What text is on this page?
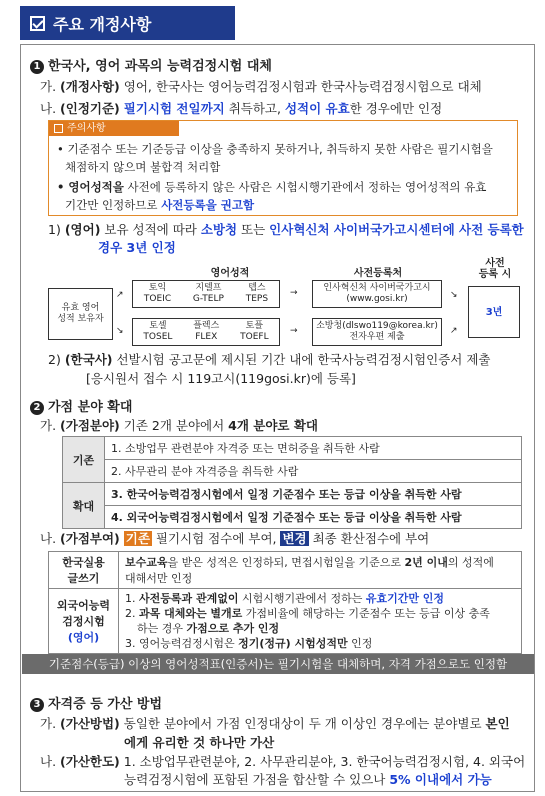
주요 개정사항
1 한국사, 영어 과목의 능력검정시험 대체
가. (개정사항) 영어, 한국사는 영어능력검정시험과 한국사능력검정시험으로 대체
나. (인정기준) 필기시험 전일까지 취득하고, 성적이 유효한 경우에만 인정
주의사항
• 기준점수 또는 기준등급 이상을 충족하지 못하거나, 취득하지 못한 사람은 필기시험을
채점하지 않으며 불합격 처리함
• 영어성적을 사전에 등록하지 않은 사람은 시험시행기관에서 정하는 영어성적의 유효
기간만 인정하므로 사전등록을 권고함
1) (영어) 보유 성적에 따라 소방청 또는 인사혁신처 사이버국가고시센터에 사전 등록한
경우 3년 인정
영어성적	사전등록처
사전
등록 시
유효 영어
성적 보유자
↗
↘
토익
TOEIC
지텔프
G-TELP
텝스
TEPS
토셀
TOSEL
플렉스
FLEX
토플
TOEFL
→
→
인사혁신처 사이버국가고시
(www.gosi.kr)
소방청(dlswo119@korea.kr)
전자우편 제출
↘
↗
3년
2) (한국사) 선발시험 공고문에 제시된 기간 내에 한국사능력검정시험인증서 제출
[응시원서 접수 시 119고시(119gosi.kr)에 등록]
2 가점 분야 확대
가. (가점분야) 기존 2개 분야에서 4개 분야로 확대
기존	1. 소방업무 관련분야 자격증 또는 면허증을 취득한 사람
	2. 사무관리 분야 자격증을 취득한 사람
확대	3. 한국어능력검정시험에서 일정 기준점수 또는 등급 이상을 취득한 사람
	4. 외국어능력검정시험에서 일정 기준점수 또는 등급 이상을 취득한 사람
나. (가점부여) 기존 필기시험 점수에 부여, 변경 최종 환산점수에 부여
한국실용
글쓰기	보수교육을 받은 성적은 인정하되, 면접시험일을 기준으로 2년 이내의 성적에
대해서만 인정
외국어능력
검정시험
(영어)	1. 사전등록과 관계없이 시험시행기관에서 정하는 유효기간만 인정
2. 과목 대체와는 별개로 가점비율에 해당하는 기준점수 또는 등급 이상 충족
하는 경우 가점으로 추가 인정
3. 영어능력검정시험은 정기(정규) 시험성적만 인정
기준점수(등급) 이상의 영어성적표(인증서)는 필기시험을 대체하며, 자격 가점으로도 인정함
3 자격증 등 가산 방법
가. (가산방법) 동일한 분야에서 가점 인정대상이 두 개 이상인 경우에는 분야별로 본인
에게 유리한 것 하나만 가산
나. (가산한도) 1. 소방업무관련분야, 2. 사무관리분야, 3. 한국어능력검정시험, 4. 외국어
능력검정시험에 포함된 가점을 합산할 수 있으나 5% 이내에서 가능
